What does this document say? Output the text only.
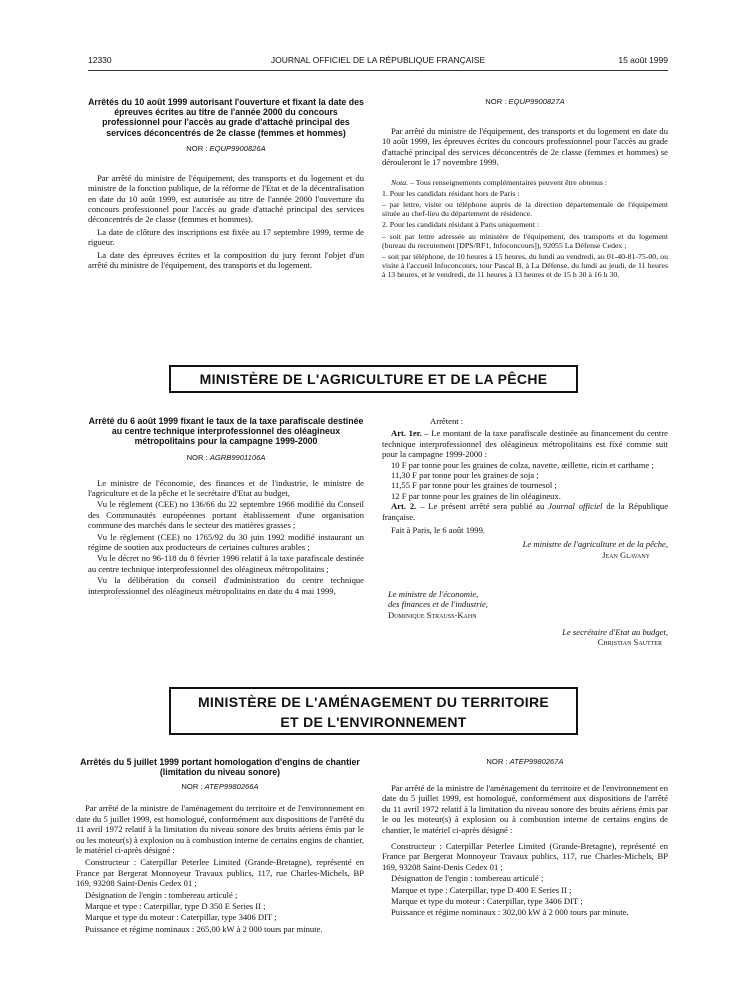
12330	JOURNAL OFFICIEL DE LA RÉPUBLIQUE FRANÇAISE	15 août 1999
Arrêtés du 10 août 1999 autorisant l'ouverture et fixant la date des épreuves écrites au titre de l'année 2000 du concours professionnel pour l'accès au grade d'attaché principal des services déconcentrés de 2e classe (femmes et hommes)
NOR : EQUP9900826A
Par arrêté du ministre de l'équipement, des transports et du logement et du ministre de la fonction publique, de la réforme de l'Etat et de la décentralisation en date du 10 août 1999, est autorisée au titre de l'année 2000 l'ouverture du concours professionnel pour l'accès au grade d'attaché principal des services déconcentrés de 2e classe (femmes et hommes).
La date de clôture des inscriptions est fixée au 17 septembre 1999, terme de rigueur.
La date des épreuves écrites et la composition du jury feront l'objet d'un arrêté du ministre de l'équipement, des transports et du logement.
NOR : EQUP9900827A
Par arrêté du ministre de l'équipement, des transports et du logement en date du 10 août 1999, les épreuves écrites du concours professionnel pour l'accès au grade d'attaché principal des services déconcentrés de 2e classe (femmes et hommes) se dérouleront le 17 novembre 1999.
Nota. – Tous renseignements complémentaires peuvent être obtenus :
1. Pour les candidats résidant hors de Paris :
– par lettre, visite ou téléphone auprès de la direction départementale de l'équipement située au chef-lieu du département de résidence.
2. Pour les candidats résidant à Paris uniquement :
– soit par lettre adressée au ministère de l'équipement, des transports et du logement (bureau du recrutement [DPS/RF1, Infoconcours]), 92055 La Défense Cedex ;
– soit par téléphone, de 10 heures à 15 heures, du lundi au vendredi, au 01-40-81-75-00, ou visite à l'accueil Infoconcours, tour Pascal B, à La Défense, du lundi au jeudi, de 11 heures à 13 heures, et le vendredi, de 11 heures à 13 heures et de 15 h 30 à 16 h 30.
MINISTÈRE DE L'AGRICULTURE ET DE LA PÊCHE
Arrêté du 6 août 1999 fixant le taux de la taxe parafiscale destinée au centre technique interprofessionnel des oléagineux métropolitains pour la campagne 1999-2000
NOR : AGRB9901106A
Le ministre de l'économie, des finances et de l'industrie, le ministre de l'agriculture et de la pêche et le secrétaire d'Etat au budget,
Vu le règlement (CEE) no 136/66 du 22 septembre 1966 modifié du Conseil des Communautés européennes portant établissement d'une organisation commune des marchés dans le secteur des matières grasses ;
Vu le règlement (CEE) no 1765/92 du 30 juin 1992 modifié instaurant un régime de soutien aux producteurs de certaines cultures arables ;
Vu le décret no 96-118 du 8 février 1996 relatif à la taxe parafiscale destinée au centre technique interprofessionnel des oléagineux métropolitains ;
Vu la délibération du conseil d'administration du centre technique interprofessionnel des oléagineux métropolitains en date du 4 mai 1999,
Arrêtent :
Art. 1er. – Le montant de la taxe parafiscale destinée au financement du centre technique interprofessionnel des oléagineux métropolitains est fixé comme suit pour la campagne 1999-2000 :
10 F par tonne pour les graines de colza, navette, œillette, ricin et carthame ;
11,30 F par tonne pour les graines de soja ;
11,55 F par tonne pour les graines de tournesol ;
12 F par tonne pour les graines de lin oléagineux.
Art. 2. – Le présent arrêté sera publié au Journal officiel de la République française.
Fait à Paris, le 6 août 1999.
Le ministre de l'agriculture et de la pêche,
Jean Glavany
Le ministre de l'économie,
des finances et de l'industrie,
Dominique Strauss-Kahn
Le secrétaire d'Etat au budget,
Christian Sautter
MINISTÈRE DE L'AMÉNAGEMENT DU TERRITOIRE
ET DE L'ENVIRONNEMENT
Arrêtés du 5 juillet 1999 portant homologation d'engins de chantier (limitation du niveau sonore)
NOR : ATEP9980266A
Par arrêté de la ministre de l'aménagement du territoire et de l'environnement en date du 5 juillet 1999, est homologué, conformément aux dispositions de l'arrêté du 11 avril 1972 relatif à la limitation du niveau sonore des bruits aériens émis par le ou les moteur(s) à explosion ou à combustion interne de certains engins de chantier, le matériel ci-après désigné :
Constructeur : Caterpillar Peterlee Limited (Grande-Bretagne), représenté en France par Bergerat Monnoyeur Travaux publics, 117, rue Charles-Michels, BP 169, 93208 Saint-Denis Cedex 01 ;
Désignation de l'engin : tombereau articulé ;
Marque et type : Caterpillar, type D 350 E Series II ;
Marque et type du moteur : Caterpillar, type 3406 DIT ;
Puissance et régime nominaux : 265,00 kW à 2 000 tours par minute.
NOR : ATEP9980267A
Par arrêté de la ministre de l'aménagement du territoire et de l'environnement en date du 5 juillet 1999, est homologué, conformément aux dispositions de l'arrêté du 11 avril 1972 relatif à la limitation du niveau sonore des bruits aériens émis par le ou les moteur(s) à explosion ou à combustion interne de certains engins de chantier, le matériel ci-après désigné :
Constructeur : Caterpillar Peterlee Limited (Grande-Bretagne), représenté en France par Bergerat Monnoyeur Travaux publics, 117, rue Charles-Michels, BP 169, 93208 Saint-Denis Cedex 01 ;
Désignation de l'engin : tombereau articulé ;
Marque et type : Caterpillar, type D 400 E Series II ;
Marque et type du moteur : Caterpillar, type 3406 DIT ;
Puissance et régime nominaux : 302,00 kW à 2 000 tours par minute.
